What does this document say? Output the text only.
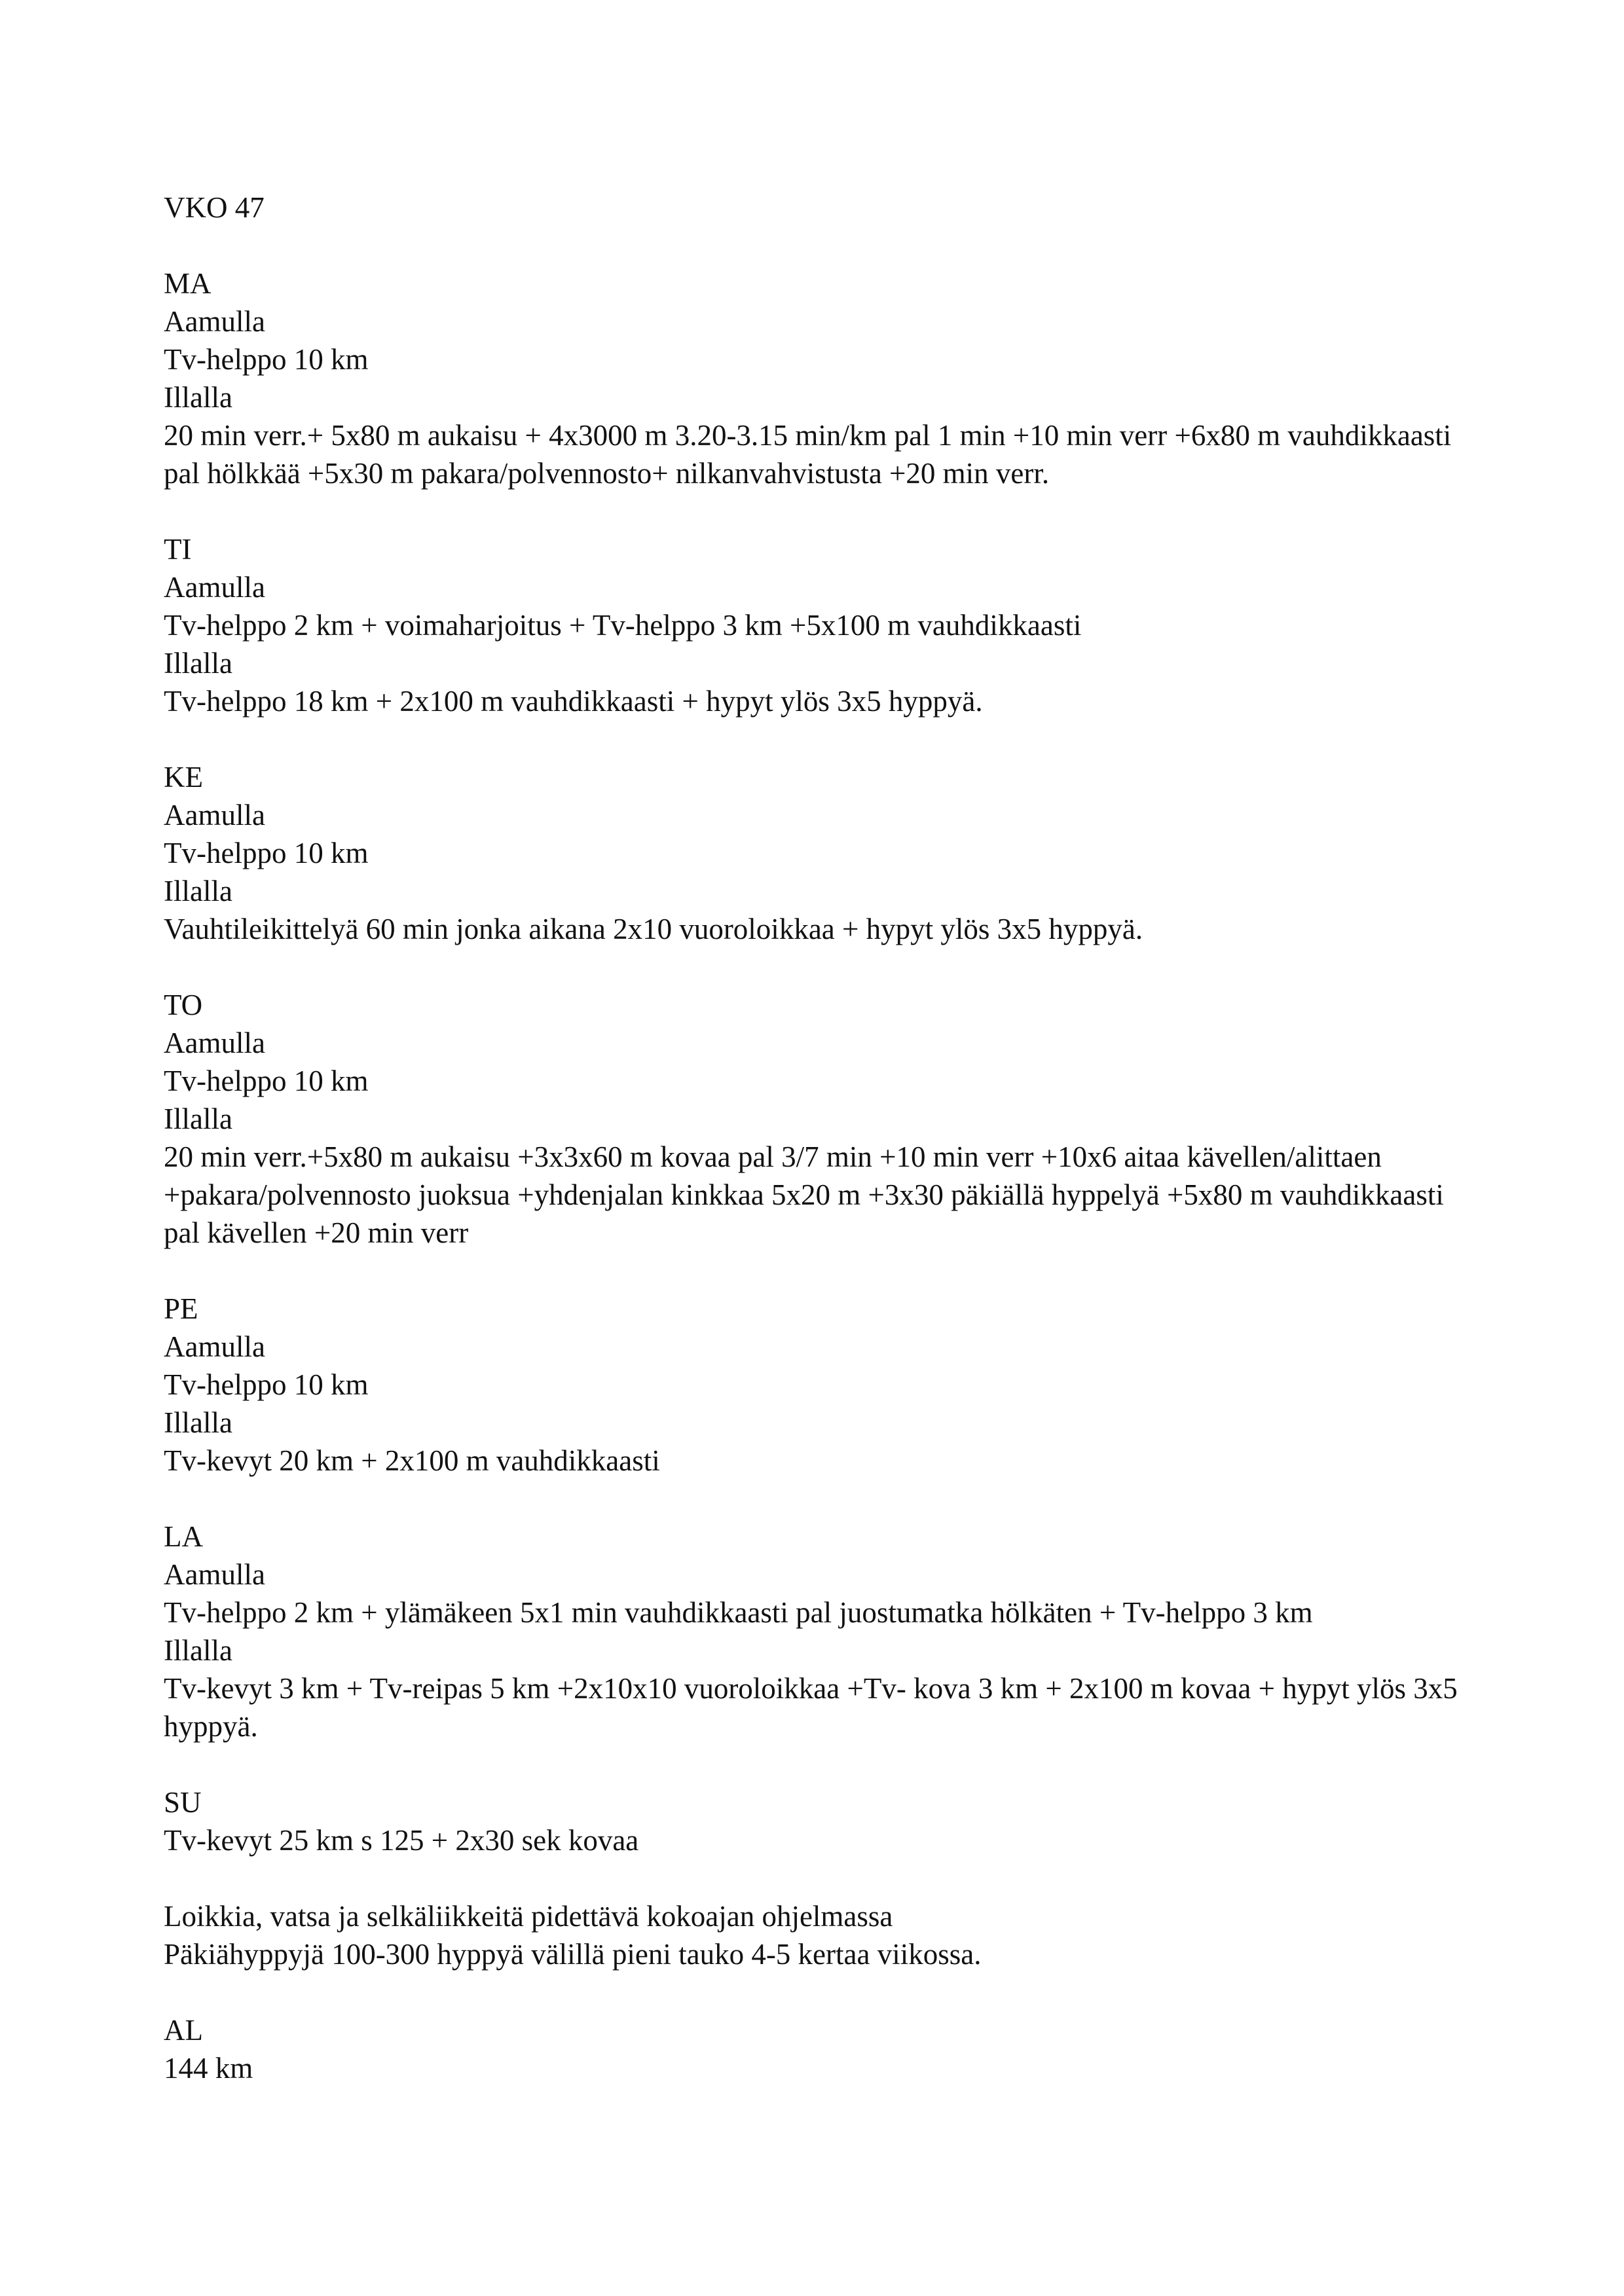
VKO 47
MA
Aamulla
Tv-helppo 10 km
Illalla
20 min verr.+ 5x80 m aukaisu + 4x3000 m 3.20-3.15 min/km pal 1 min +10 min verr +6x80 m vauhdikkaasti pal hölkkää +5x30 m pakara/polvennosto+ nilkanvahvistusta +20 min verr.
TI
Aamulla
Tv-helppo 2 km + voimaharjoitus + Tv-helppo 3 km +5x100 m vauhdikkaasti
Illalla
Tv-helppo 18 km + 2x100 m vauhdikkaasti + hypyt ylös 3x5 hyppyä.
KE
Aamulla
Tv-helppo 10 km
Illalla
Vauhtileikittelyä 60 min jonka aikana 2x10 vuoroloikkaa + hypyt ylös 3x5 hyppyä.
TO
Aamulla
Tv-helppo 10 km
Illalla
20 min verr.+5x80 m aukaisu +3x3x60 m kovaa pal 3/7 min +10 min verr +10x6 aitaa kävellen/alittaen +pakara/polvennosto juoksua +yhdenjalan kinkkaa 5x20 m +3x30 päkiällä hyppelyä +5x80 m vauhdikkaasti pal kävellen +20 min verr
PE
Aamulla
Tv-helppo 10 km
Illalla
Tv-kevyt 20 km + 2x100 m vauhdikkaasti
LA
Aamulla
Tv-helppo 2 km + ylämäkeen 5x1 min vauhdikkaasti pal juostumatka hölkäten + Tv-helppo 3 km
Illalla
Tv-kevyt 3 km + Tv-reipas 5 km +2x10x10 vuoroloikkaa +Tv- kova 3 km + 2x100 m kovaa + hypyt ylös 3x5 hyppyä.
SU
Tv-kevyt 25 km s 125 + 2x30 sek kovaa
Loikkia, vatsa ja selkäliikkeitä pidettävä kokoajan ohjelmassa
Päkiähyppyjä 100-300 hyppyä välillä pieni tauko 4-5 kertaa viikossa.
AL
144 km
